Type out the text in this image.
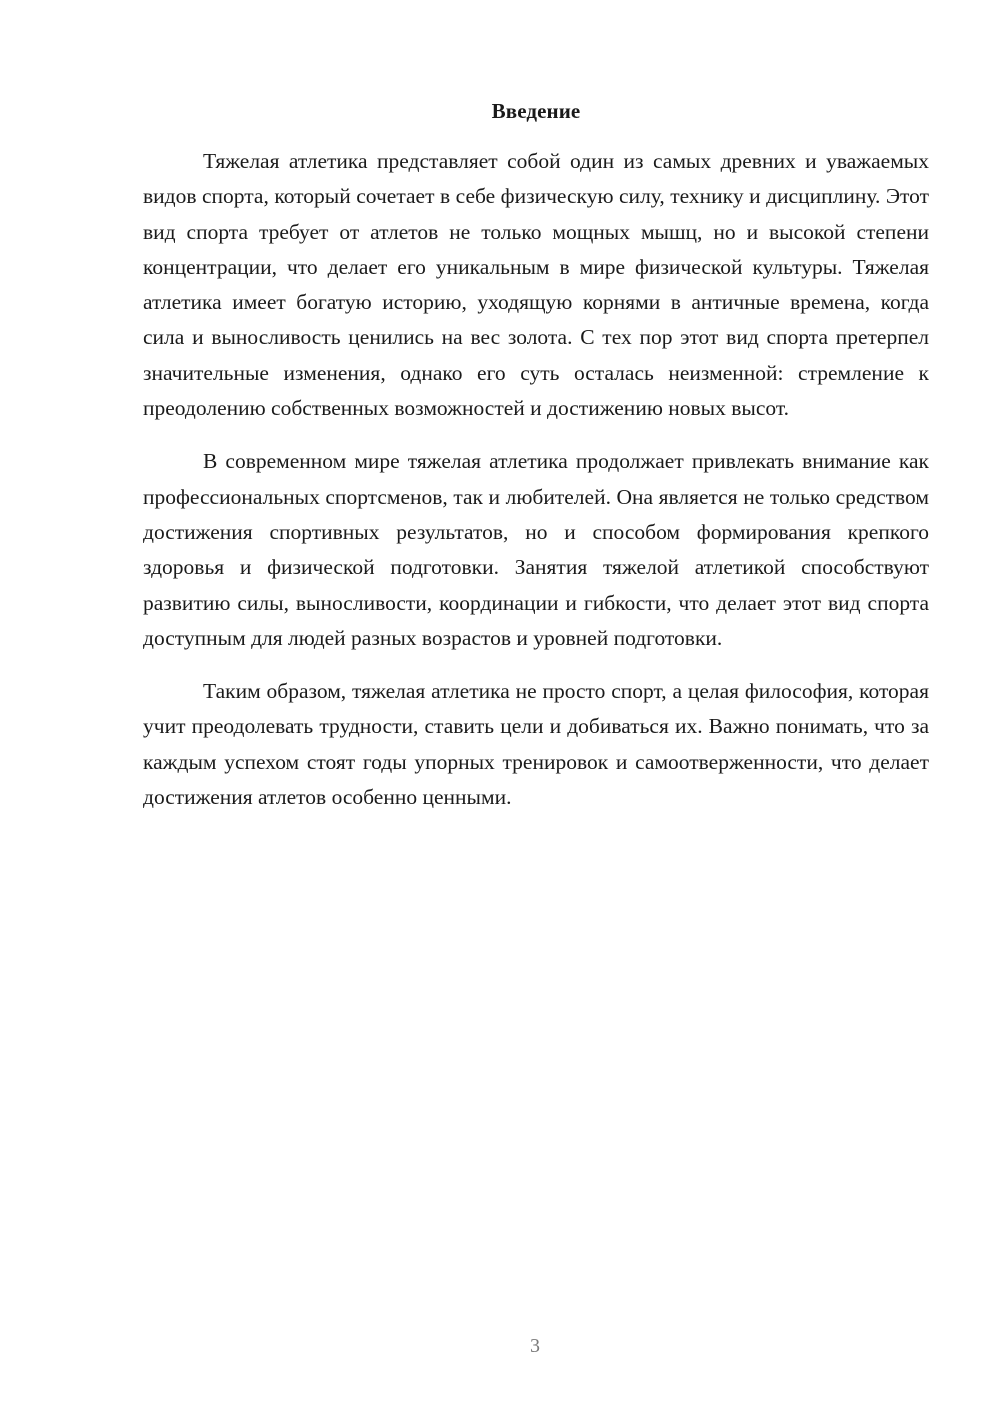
Введение

Тяжелая атлетика представляет собой один из самых древних и уважаемых видов спорта, который сочетает в себе физическую силу, технику и дисциплину. Этот вид спорта требует от атлетов не только мощных мышц, но и высокой степени концентрации, что делает его уникальным в мире физической культуры. Тяжелая атлетика имеет богатую историю, уходящую корнями в античные времена, когда сила и выносливость ценились на вес золота. С тех пор этот вид спорта претерпел значительные изменения, однако его суть осталась неизменной: стремление к преодолению собственных возможностей и достижению новых высот.

В современном мире тяжелая атлетика продолжает привлекать внимание как профессиональных спортсменов, так и любителей. Она является не только средством достижения спортивных результатов, но и способом формирования крепкого здоровья и физической подготовки. Занятия тяжелой атлетикой способствуют развитию силы, выносливости, координации и гибкости, что делает этот вид спорта доступным для людей разных возрастов и уровней подготовки.

Таким образом, тяжелая атлетика не просто спорт, а целая философия, которая учит преодолевать трудности, ставить цели и добиваться их. Важно понимать, что за каждым успехом стоят годы упорных тренировок и самоотверженности, что делает достижения атлетов особенно ценными.

3
